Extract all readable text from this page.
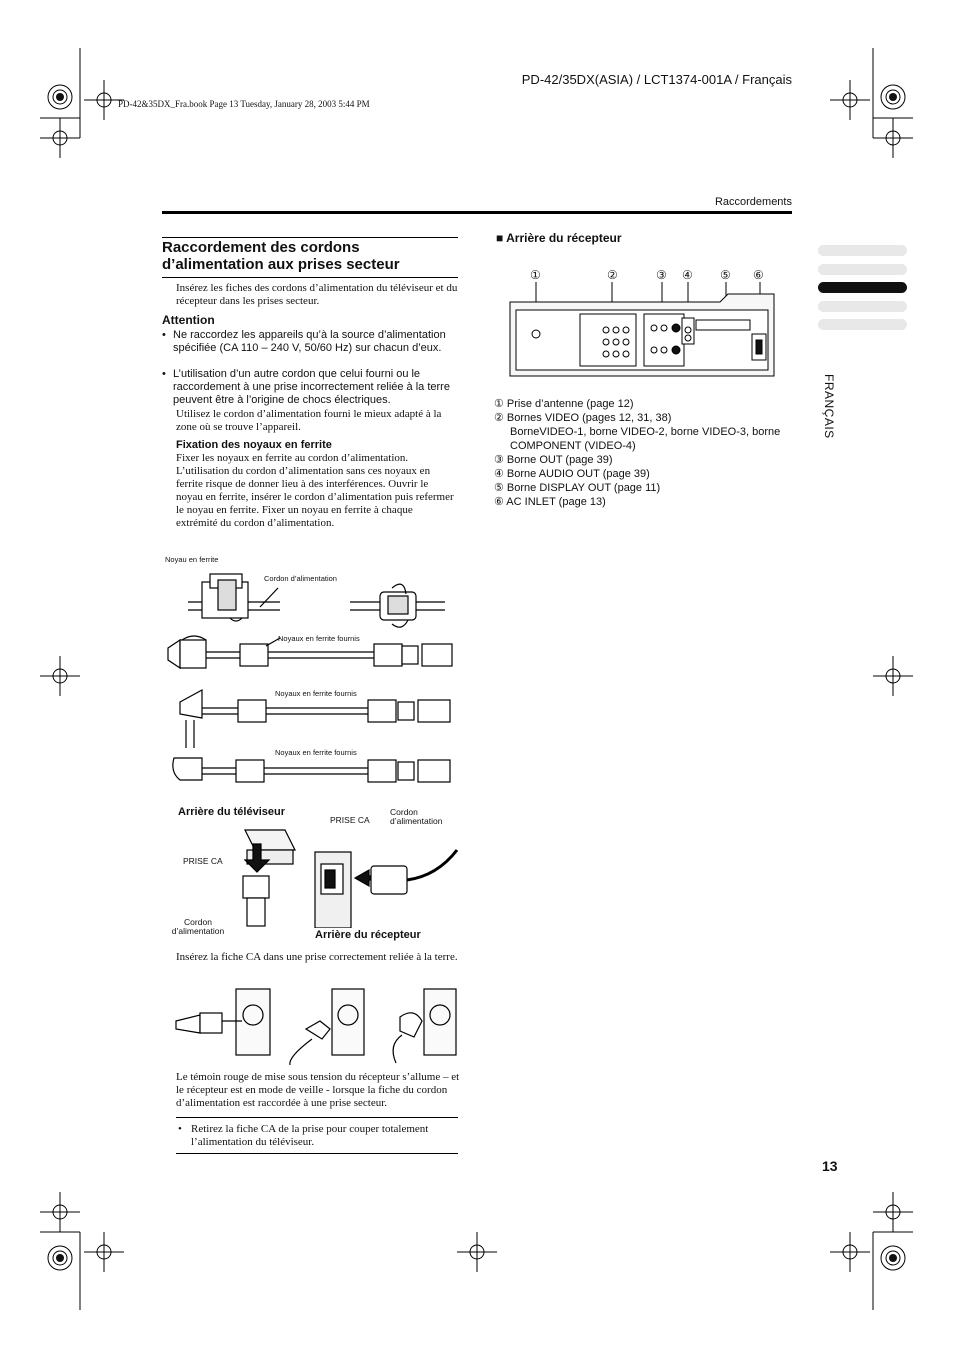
PD-42/35DX(ASIA) / LCT1374-001A / Français
PD-42&35DX_Fra.book Page 13 Tuesday, January 28, 2003 5:44 PM
Raccordements
FRANÇAIS
13
Raccordement des cordons d’alimentation aux prises secteur
Insérez les fiches des cordons d’alimentation du téléviseur et du récepteur dans les prises secteur.
Attention
• Ne raccordez les appareils qu’à la source d’alimentation spécifiée (CA 110 – 240 V, 50/60 Hz) sur chacun d’eux.
• L’utilisation d’un autre cordon que celui fourni ou le raccordement à une prise incorrectement reliée à la terre peuvent être à l’origine de chocs électriques.
Utilisez le cordon d’alimentation fourni le mieux adapté à la zone où se trouve l’appareil.
Fixation des noyaux en ferrite
Fixer les noyaux en ferrite au cordon d’alimentation. L’utilisation du cordon d’alimentation sans ces noyaux en ferrite risque de donner lieu à des interférences. Ouvrir le noyau en ferrite, insérer le cordon d’alimentation puis refermer le noyau en ferrite. Fixer un noyau en ferrite à chaque extrémité du cordon d’alimentation.
Noyau en ferrite
Cordon d’alimentation
Noyaux en ferrite fournis
Noyaux en ferrite fournis
Noyaux en ferrite fournis
Arrière du téléviseur
PRISE CA
PRISE CA
Cordon d’alimentation
Cordon d’alimentation	Arrière du récepteur
Insérez la fiche CA dans une prise correctement reliée à la terre.
Le témoin rouge de mise sous tension du récepteur s’allume – et le récepteur est en mode de veille - lorsque la fiche du cordon d’alimentation est raccordée à une prise secteur.
• Retirez la fiche CA de la prise pour couper totalement l’alimentation du téléviseur.
■ Arrière du récepteur
①	②	③ ④ ⑤ ⑥
① Prise d’antenne (page 12)
② Bornes VIDEO (pages 12, 31, 38)
BorneVIDEO-1, borne VIDEO-2, borne VIDEO-3, borne COMPONENT (VIDEO-4)
③ Borne OUT (page 39)
④ Borne AUDIO OUT (page 39)
⑤ Borne DISPLAY OUT (page 11)
⑥ AC INLET (page 13)
